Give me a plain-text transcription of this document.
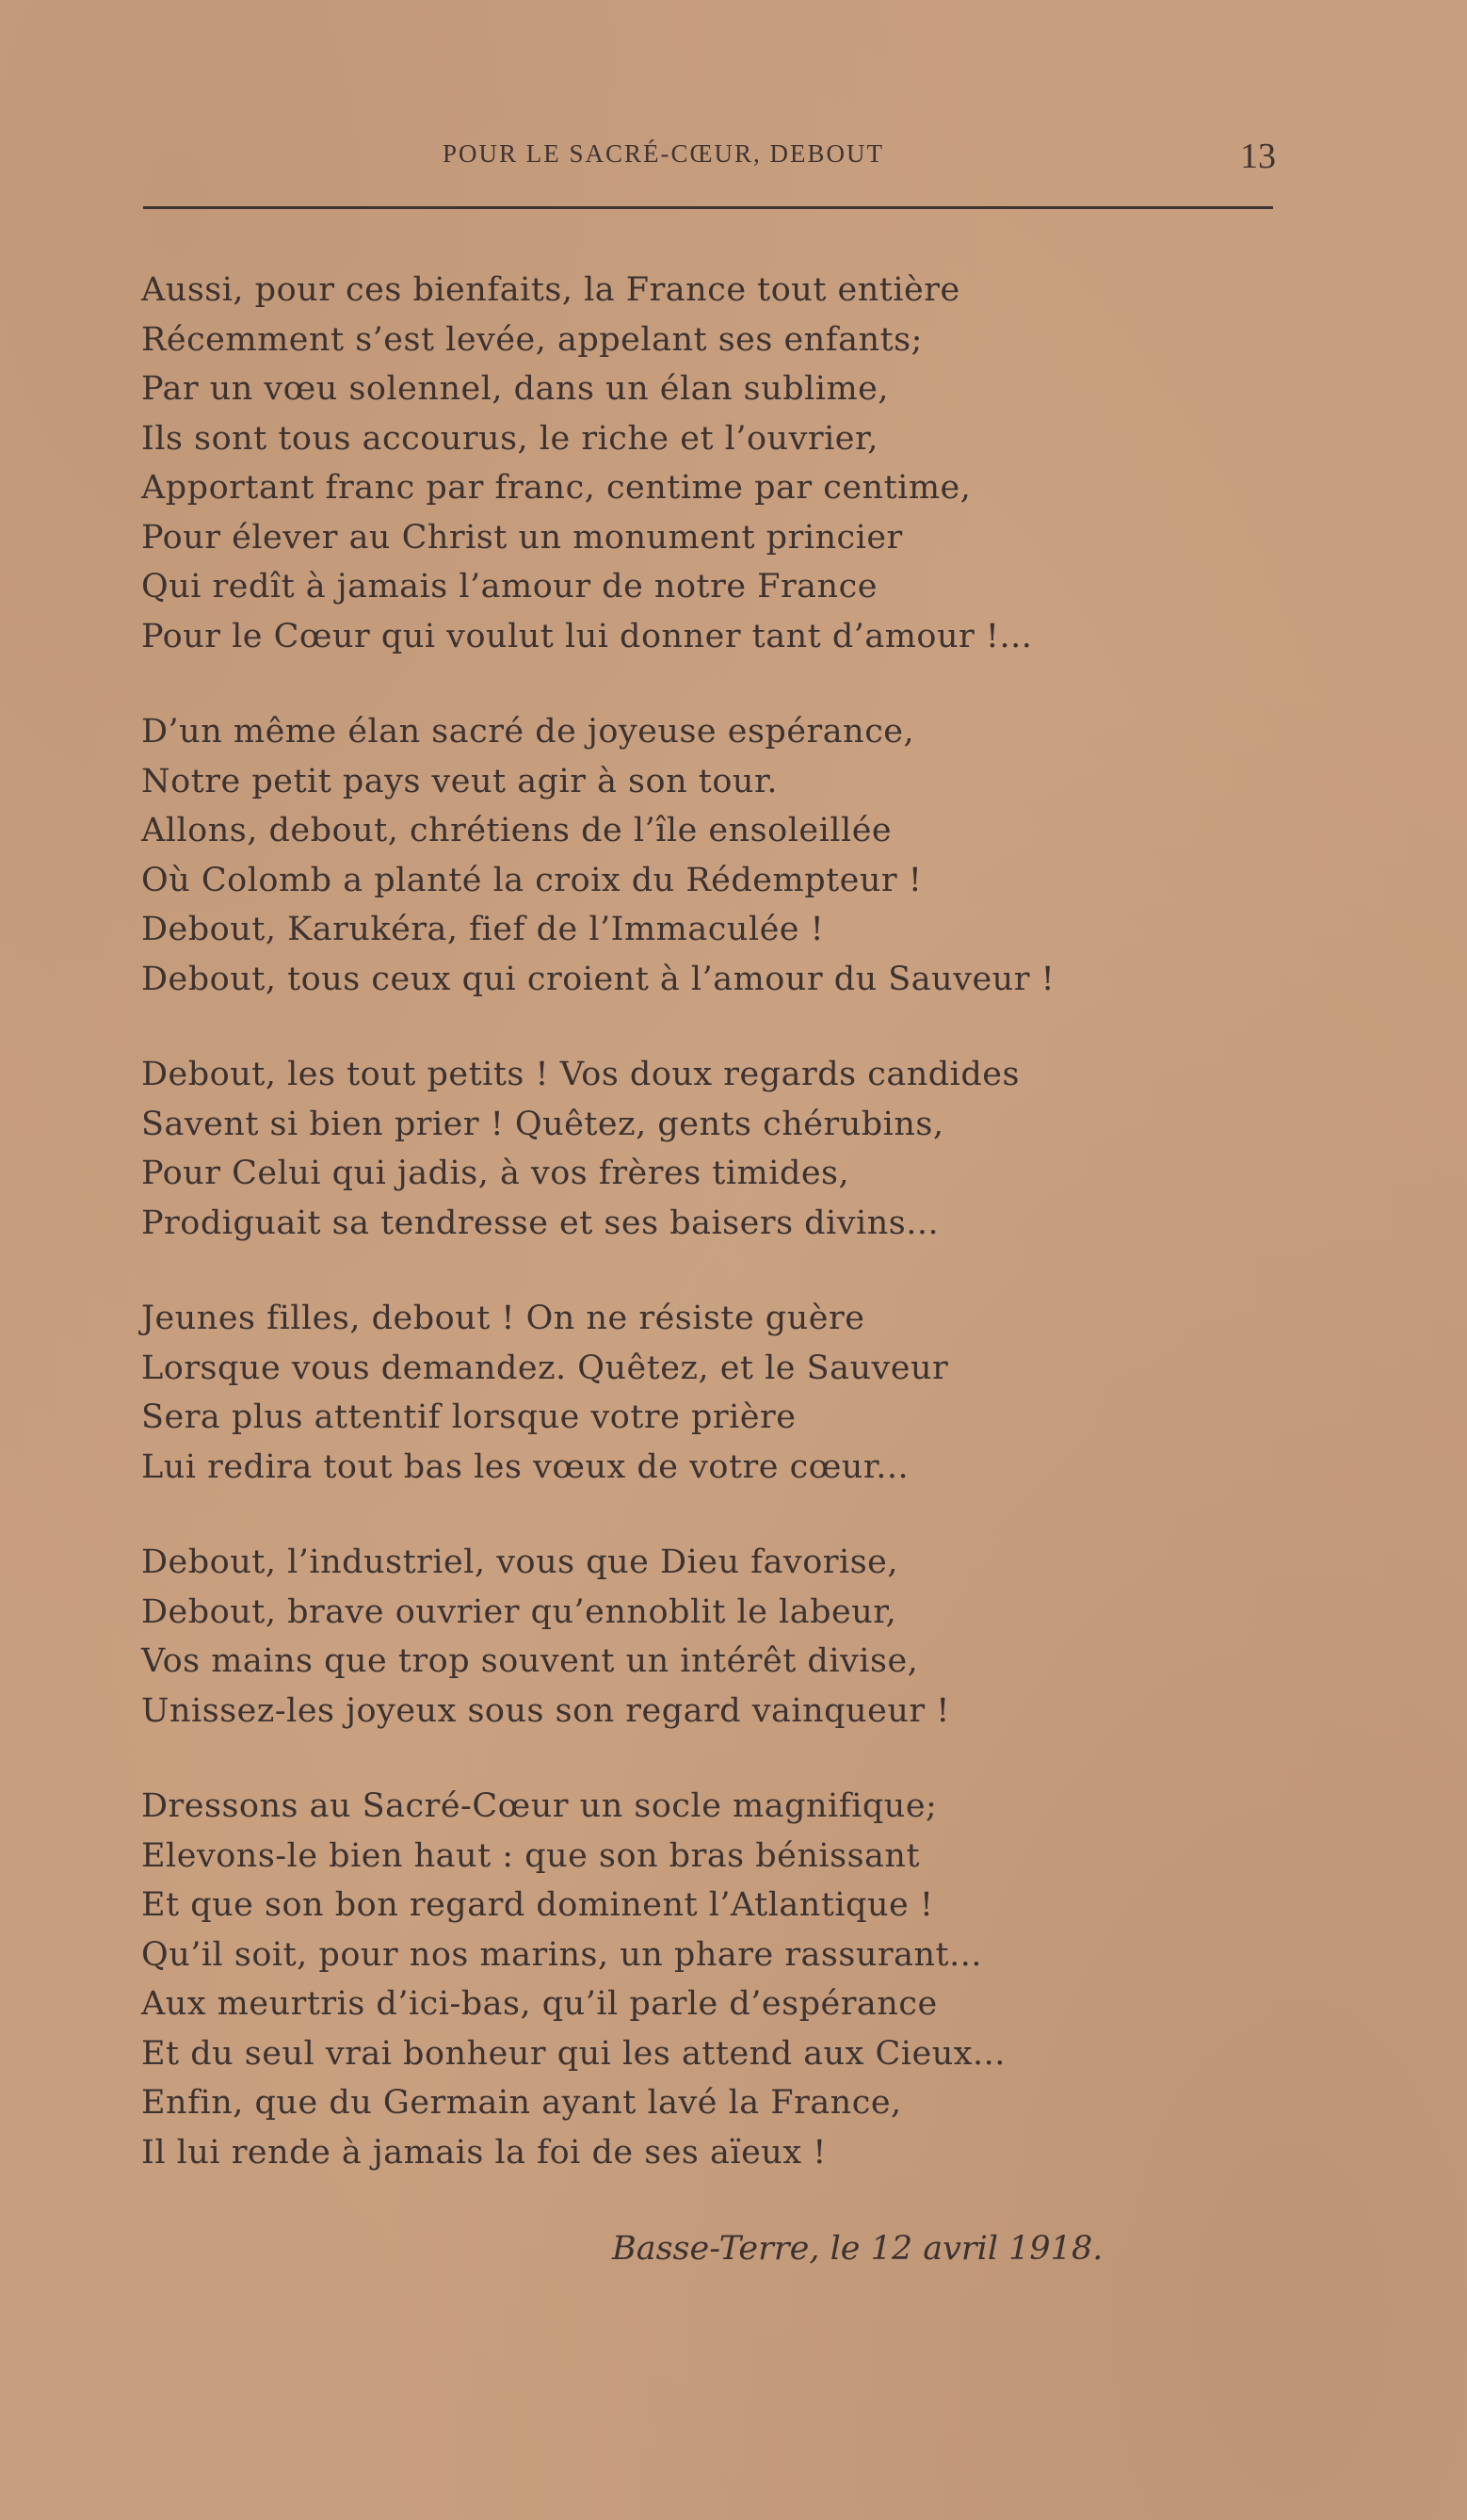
POUR LE SACRÉ-CŒUR, DEBOUT	13
Aussi, pour ces bienfaits, la France tout entière
Récemment s’est levée, appelant ses enfants;
Par un vœu solennel, dans un élan sublime,
Ils sont tous accourus, le riche et l’ouvrier,
Apportant franc par franc, centime par centime,
Pour élever au Christ un monument princier
Qui redît à jamais l’amour de notre France
Pour le Cœur qui voulut lui donner tant d’amour !...
D’un même élan sacré de joyeuse espérance,
Notre petit pays veut agir à son tour.
Allons, debout, chrétiens de l’île ensoleillée
Où Colomb a planté la croix du Rédempteur !
Debout, Karukéra, fief de l’Immaculée !
Debout, tous ceux qui croient à l’amour du Sauveur !
Debout, les tout petits ! Vos doux regards candides
Savent si bien prier ! Quêtez, gents chérubins,
Pour Celui qui jadis, à vos frères timides,
Prodiguait sa tendresse et ses baisers divins...
Jeunes filles, debout ! On ne résiste guère
Lorsque vous demandez. Quêtez, et le Sauveur
Sera plus attentif lorsque votre prière
Lui redira tout bas les vœux de votre cœur...
Debout, l’industriel, vous que Dieu favorise,
Debout, brave ouvrier qu’ennoblit le labeur,
Vos mains que trop souvent un intérêt divise,
Unissez-les joyeux sous son regard vainqueur !
Dressons au Sacré-Cœur un socle magnifique;
Elevons-le bien haut : que son bras bénissant
Et que son bon regard dominent l’Atlantique !
Qu’il soit, pour nos marins, un phare rassurant...
Aux meurtris d’ici-bas, qu’il parle d’espérance
Et du seul vrai bonheur qui les attend aux Cieux...
Enfin, que du Germain ayant lavé la France,
Il lui rende à jamais la foi de ses aïeux !
Basse-Terre, le 12 avril 1918.
